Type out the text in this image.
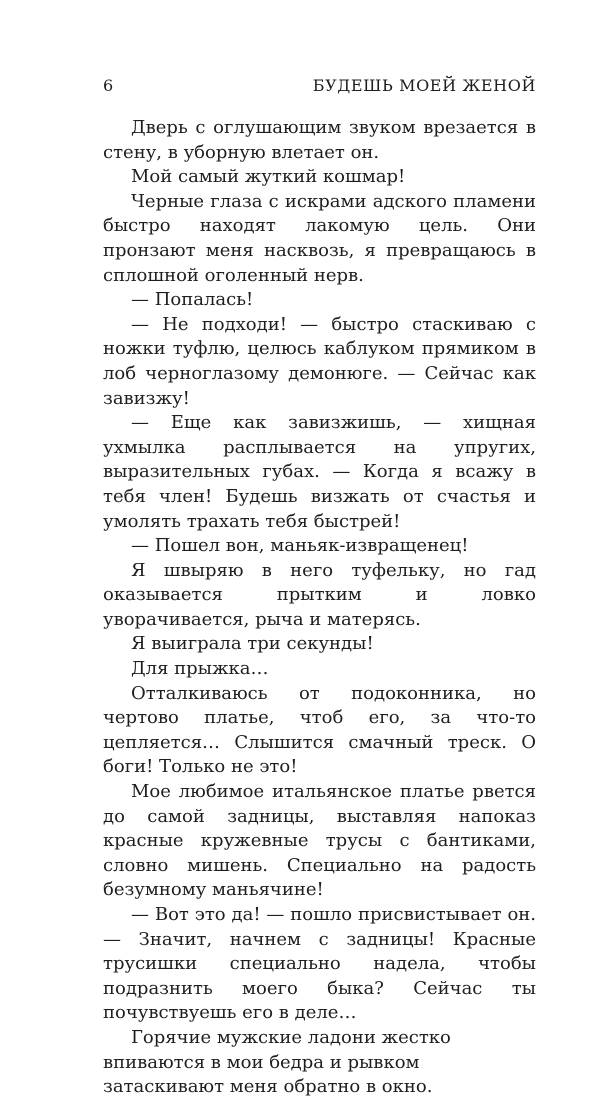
6	БУДЕШЬ МОЕЙ ЖЕНОЙ

Дверь с оглушающим звуком врезается в стену, в уборную влетает он.

Мой самый жуткий кошмар!

Черные глаза с искрами адского пламени быстро находят лакомую цель. Они пронзают меня насквозь, я превращаюсь в сплошной оголенный нерв.

— Попалась!

— Не подходи! — быстро стаскиваю с ножки туфлю, целюсь каблуком прямиком в лоб черноглазому демонюге. — Сейчас как завизжу!

— Еще как завизжишь, — хищная ухмылка расплывается на упругих, выразительных губах. — Когда я всажу в тебя член! Будешь визжать от счастья и умолять трахать тебя быстрей!

— Пошел вон, маньяк-извращенец!

Я швыряю в него туфельку, но гад оказывается прытким и ловко уворачивается, рыча и матерясь.

Я выиграла три секунды!

Для прыжка…

Отталкиваюсь от подоконника, но чертово платье, чтоб его, за что-то цепляется… Слышится смачный треск. О боги! Только не это!

Мое любимое итальянское платье рвется до самой задницы, выставляя напоказ красные кружевные трусы с бантиками, словно мишень. Специально на радость безумному маньячине!

— Вот это да! — пошло присвистывает он. — Значит, начнем с задницы! Красные трусишки специально надела, чтобы подразнить моего быка? Сейчас ты почувствуешь его в деле…

Горячие мужские ладони жестко впиваются в мои бедра и рывком затаскивают меня обратно в окно.
